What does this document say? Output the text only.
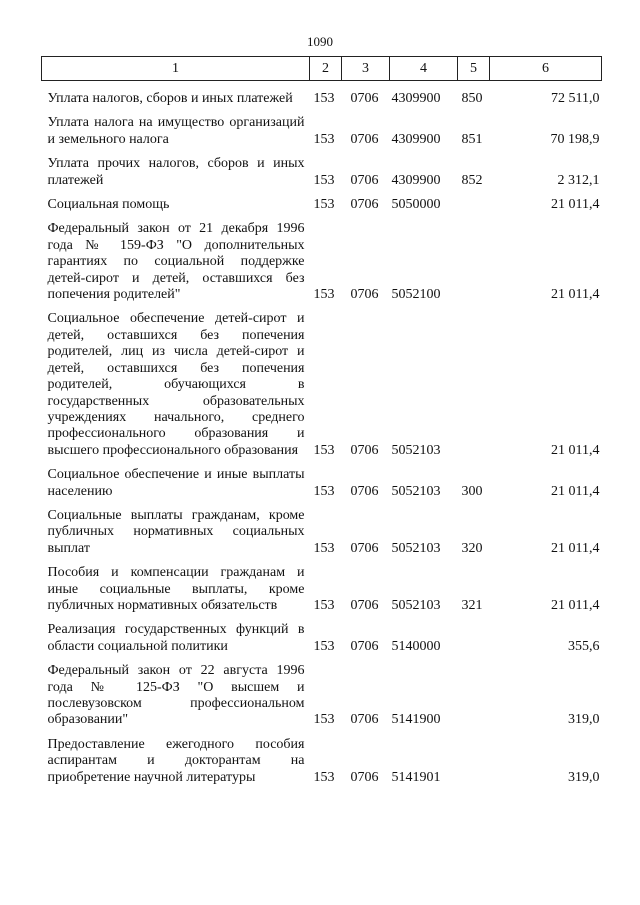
1090
1	2	3	4	5	6
Уплата налогов, сборов и иных платежей	153	0706	4309900	850	72 511,0
Уплата налога на имущество организаций и земельного налога	153	0706	4309900	851	70 198,9
Уплата прочих налогов, сборов и иных платежей	153	0706	4309900	852	2 312,1
Социальная помощь	153	0706	5050000		21 011,4
Федеральный закон от 21 декабря 1996 года № 159-ФЗ "О дополнительных гарантиях по социальной поддержке детей-сирот и детей, оставшихся без попечения родителей"	153	0706	5052100		21 011,4
Социальное обеспечение детей-сирот и детей, оставшихся без попечения родителей, лиц из числа детей-сирот и детей, оставшихся без попечения родителей, обучающихся в государственных образовательных учреждениях начального, среднего профессионального образования и высшего профессионального образования	153	0706	5052103		21 011,4
Социальное обеспечение и иные выплаты населению	153	0706	5052103	300	21 011,4
Социальные выплаты гражданам, кроме публичных нормативных социальных выплат	153	0706	5052103	320	21 011,4
Пособия и компенсации гражданам и иные социальные выплаты, кроме публичных нормативных обязательств	153	0706	5052103	321	21 011,4
Реализация государственных функций в области социальной политики	153	0706	5140000		355,6
Федеральный закон от 22 августа 1996 года № 125-ФЗ "О высшем и послевузовском профессиональном образовании"	153	0706	5141900		319,0
Предоставление ежегодного пособия аспирантам и докторантам на приобретение научной литературы	153	0706	5141901		319,0
